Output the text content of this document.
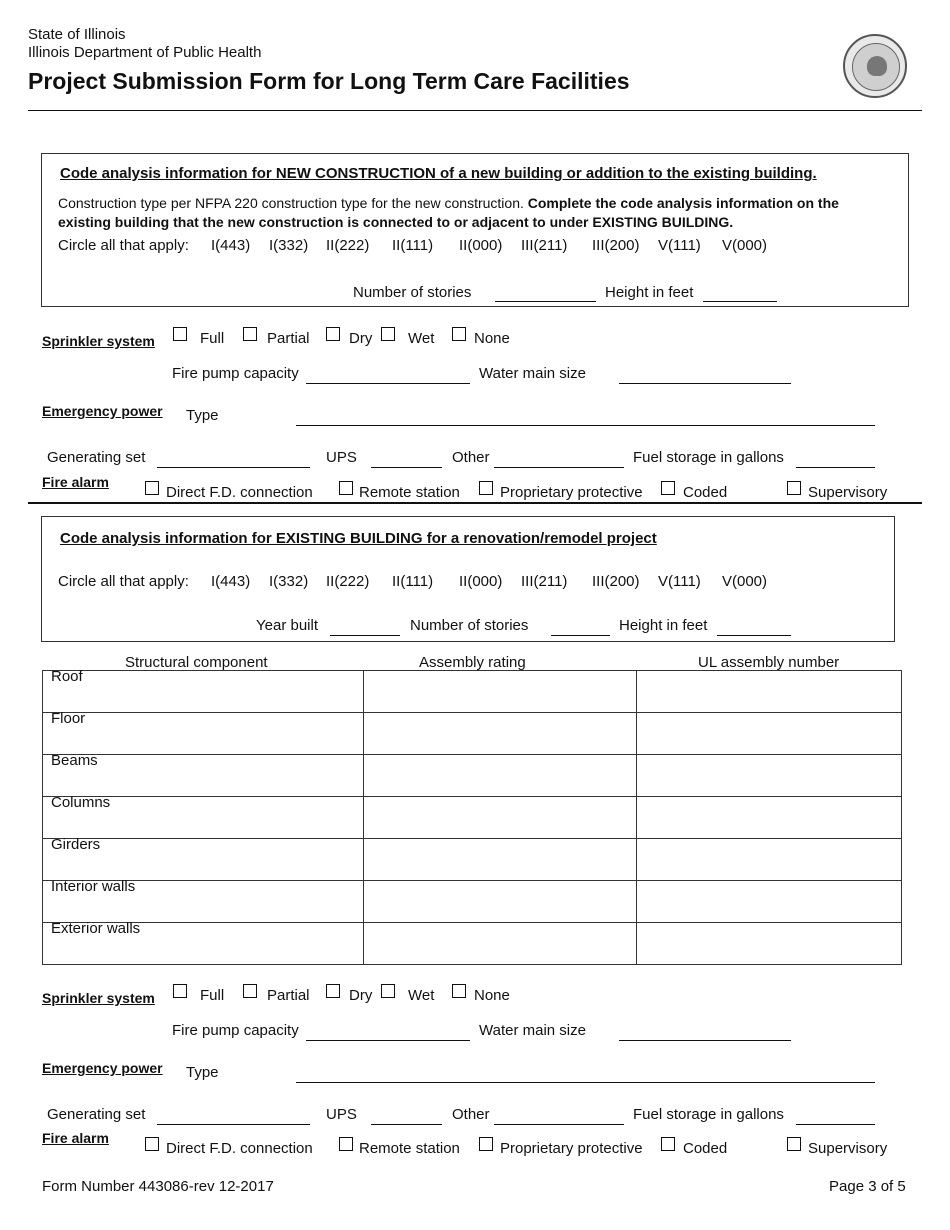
State of Illinois
Illinois Department of Public Health
Project Submission Form for Long Term Care Facilities
Code analysis information for NEW CONSTRUCTION of a new building or addition to the existing building.
Construction type per NFPA 220 construction type for the new construction. Complete the code analysis information on the
existing building that the new construction is connected to or adjacent to under EXISTING BUILDING.
Circle all that apply: I(443) I(332) II(222) II(111) II(000) III(211) III(200) V(111) V(000)
Number of stories	Height in feet
Sprinkler system	Full	Partial	Dry Wet	None
Fire pump capacity	Water main size
Emergency power Type
Generating set	UPS	Other	Fuel storage in gallons
Fire alarm
Direct F.D. connection	Remote station	Proprietary protective	Coded	Supervisory
Code analysis information for EXISTING BUILDING for a renovation/remodel project
Circle all that apply: I(443) I(332) II(222) II(111) II(000) III(211) III(200) V(111) V(000)
Year built	Number of stories	Height in feet
Structural component	Assembly rating	UL assembly number
Roof
Floor
Beams
Columns
Girders
Interior walls
Exterior walls
Sprinkler system	Full	Partial	Dry Wet	None
Fire pump capacity	Water main size
Emergency power Type
Generating set	UPS	Other	Fuel storage in gallons
Fire alarm
Direct F.D. connection	Remote station	Proprietary protective	Coded	Supervisory
Form Number 443086-rev 12-2017	Page 3 of 5
